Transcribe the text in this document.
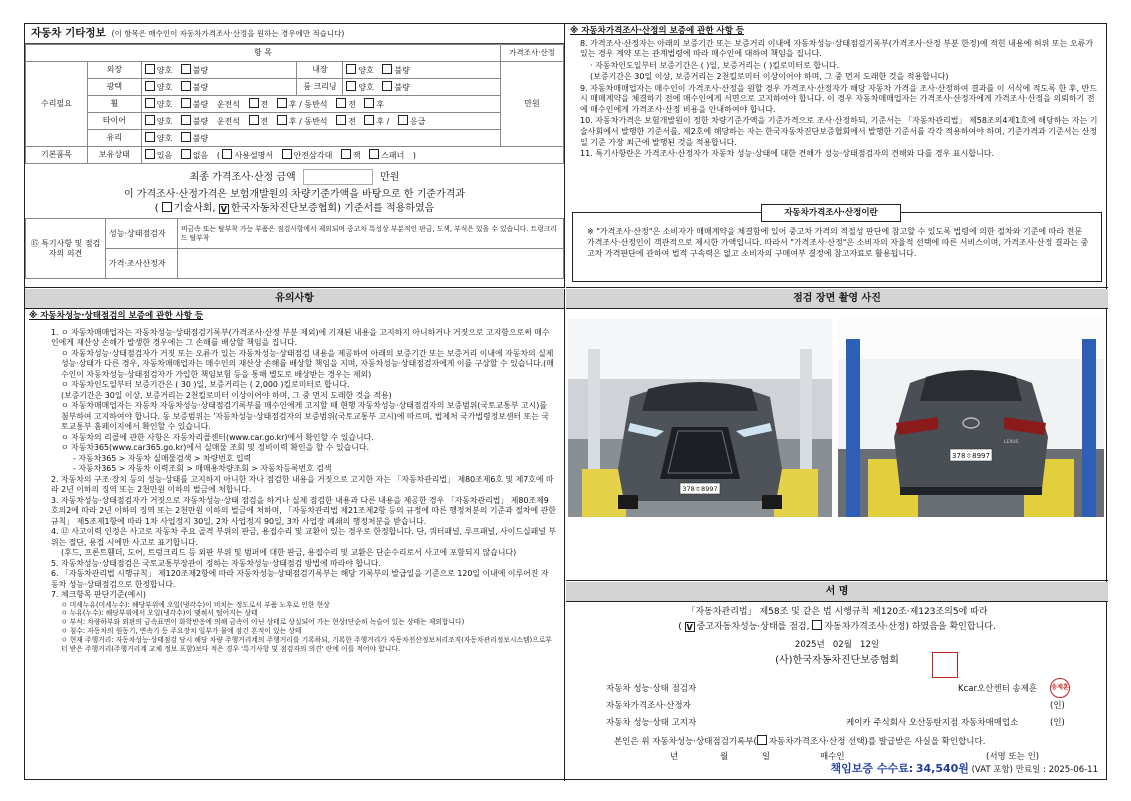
자동차 기타정보 (이 항목은 매수인이 자동차가격조사·산정을 원하는 경우에만 적습니다)
항 목					가격조사·산정
수리필요	외장	양호 불량	내장	양호 불량	만원
	광택	양호 불량	룸 크리닝	양호 불량	
	휠	양호 불량 운전석 전 후 / 동반석 전 후			
	타이어	양호 불량 운전석 전 후 / 동반석 전 후 / 응급			
	유리	양호 불량			
기본품목	보유상태	있음 없음 ( 사용설명서 안전삼각대 잭 스패너 )			
최종 가격조사·산정 금액	만원
이 가격조사·산정가격은 보험개발원의 차량기준가액을 바탕으로 한 기준가격과
( 기술사회, V 한국자동차진단보증협회) 기준서를 적용하였음
⑮ 특기사항 및 점검자의 의견	성능·상태점검자	비금속 또는 탈부착 가능 부품은 점검사항에서 제외되며 중고차 특성상 부분적인 판금, 도색, 부식은 있을 수 있습니다. 트렁크리드 탈부착
	가격·조사산정자	
※ 자동차가격조사·산정의 보증에 관한 사항 등

8. 가격조사·산정자는 아래의 보증기간 또는 보증거리 이내에 자동차성능·상태점검기록부(가격조사·산정 부분 한정)에 적힌 내용에 허위 또는 오류가 있는 경우 계약 또는 관계법령에 따라 매수인에 대하여 책임을 집니다.

· 자동차인도일부터 보증기간은 ( )일, 보증거리는 ( )킬로미터로 합니다.

(보증기간은 30일 이상, 보증거리는 2천킬로미터 이상이어야 하며, 그 중 먼저 도래한 것을 적용합니다)

9. 자동차매매업자는 매수인이 가격조사·산정을 원할 경우 가격조사·산정자가 해당 자동차 가격을 조사·산정하여 결과를 이 서식에 적도록 한 후, 반드시 매매계약을 체결하기 전에 매수인에게 서면으로 고지하여야 합니다. 이 경우 자동차매매업자는 가격조사·산정자에게 가격조사·산정을 의뢰하기 전에 매수인에게 가격조사·산정 비용을 안내하여야 합니다.

10. 자동차가격은 보험개발원이 정한 차량기준가액을 기준가격으로 조사·산정하되, 기준서는 「자동차관리법」 제58조의4제1호에 해당하는 자는 기술사회에서 발행한 기준서를, 제2호에 해당하는 자는 한국자동차진단보증협회에서 발행한 기준서를 각각 적용하여야 하며, 기준가격과 기준서는 산정일 기준 가장 최근에 발행된 것을 적용합니다.

11. 특기사항란은 가격조사·산정자가 자동차 성능·상태에 대한 견해가 성능·상태점검자의 견해와 다를 경우 표시합니다.

자동차가격조사·산정이란
※ "가격조사·산정"은 소비자가 매매계약을 체결함에 있어 중고차 가격의 적절성 판단에 참고할 수 있도록 법령에 의한 절차와 기준에 따라 전문 가격조사·산정인이 객관적으로 제시한 가액입니다. 따라서 "가격조사·산정"은 소비자의 자율적 선택에 따른 서비스이며, 가격조사·산정 결과는 중고차 가격판단에 관하여 법적 구속력은 없고 소비자의 구매여부 결정에 참고자료로 활용됩니다.
유의사항
※ 자동차성능·상태점검의 보증에 관한 사항 등

1. ㅇ 자동차매매업자는 자동차성능·상태점검기록부(가격조사·산정 부분 제외)에 기재된 내용을 고지하지 아니하거나 거짓으로 고지함으로써 매수인에게 재산상 손해가 발생한 경우에는 그 손해를 배상할 책임을 집니다.

ㅇ 자동차성능·상태점검자가 거짓 또는 오류가 있는 자동차성능·상태점검 내용을 제공하여 아래의 보증기간 또는 보증거리 이내에 자동차의 실제 성능·상태가 다른 경우, 자동차매매업자는 매수인의 재산상 손해를 배상할 책임을 지며, 자동차성능·상태점검자에게 이를 구상할 수 있습니다.(매수인이 자동차성능·상태점검자가 가입한 책임보험 등을 통해 별도로 배상받는 경우는 제외)

ㅇ 자동차인도일부터 보증기간은 ( 30 )일, 보증거리는 ( 2,000 )킬로미터로 합니다.

(보증기간은 30일 이상, 보증거리는 2천킬로미터 이상이어야 하며, 그 중 먼저 도래한 것을 적용)

ㅇ 자동차매매업자는 자동차 자동차성능·상태점검기록부를 매수인에게 고지할 때 현행 자동차성능·상태점검자의 보증범위(국토교통부 고시)를 첨부하여 고지하여야 합니다. 동 보증범위는 '자동차성능·상태점검자의 보증범위(국토교통부 고시)에 따르며, 법제처 국가법령정보센터 또는 국토교통부 홈페이지에서 확인할 수 있습니다.

ㅇ 자동차의 리콜에 관한 사항은 자동차리콜센터(www.car.go.kr)에서 확인할 수 있습니다.

ㅇ 자동차365(www.car365.go.kr)에서 실매물 조회 및 정비이력 확인을 할 수 있습니다.

- 자동차365 > 자동차 실매물검색 > 차량번호 입력

- 자동차365 > 자동차 이력조회 > 매매용차량조회 > 자동차등록번호 검색

2. 자동차의 구조·장치 등의 성능·상태를 고지하지 아니한 자나 점검한 내용을 거짓으로 고지한 자는 「자동차관리법」 제80조제6호 및 제7호에 따라 2년 이하의 징역 또는 2천만원 이하의 벌금에 처합니다.

3. 자동차성능·상태점검자가 거짓으로 자동차성능·상태 점검을 하거나 실제 점검한 내용과 다른 내용을 제공한 경우 「자동차관리법」 제80조제9호의2에 따라 2년 이하의 징역 또는 2천만원 이하의 벌금에 처하며, 「자동차관리법 제21조제2항 등의 규정에 따른 행정처분의 기준과 절차에 관한 규칙」 제5조제1항에 따라 1차 사업정지 30일, 2차 사업정지 90일, 3차 사업장 폐쇄의 행정처분을 받습니다.

4. ⑫ 사고이력 인정은 사고로 자동차 주요 골격 부위의 판금, 용접수리 및 교환이 있는 경우로 한정합니다. 단, 쿼터패널, 루프패널, 사이드실패널 부위는 절단, 용접 시에만 사고로 표기합니다.

(후드, 프론트휀더, 도어, 트렁크리드 등 외판 부위 및 범퍼에 대한 판금, 용접수리 및 교환은 단순수리로서 사고에 포함되지 않습니다)

5. 자동차성능·상태점검은 국토교통부장관이 정하는 자동차성능·상태점검 방법에 따라야 합니다.

6. 「자동차관리법 시행규칙」 제120조제2항에 따라 자동차성능·상태점검기록부는 해당 기록부의 발급일을 기준으로 120일 이내에 이루어진 자동차 성능·상태점검으로 한정합니다.

7. 체크항목 판단기준(예시)

ㅇ 미세누유(미세누수): 해당부위에 오일(냉각수)이 비치는 정도로서 부품 노후로 인한 현상

ㅇ 누유(누수): 해당부위에서 오일(냉각수)이 맺혀서 떨어지는 상태

ㅇ 부식: 차량하부와 외판의 금속표면이 화학반응에 의해 금속이 아닌 상태로 상실되어 가는 현상(단순히 녹슬어 있는 상태는 제외합니다)

ㅇ 침수: 자동차의 원동기, 변속기 등 주요장치 일부가 물에 잠긴 흔적이 있는 상태

ㅇ 현재 주행거리: 자동차성능·상태점검 당시 해당 차량 주행거리계의 주행거리를 기록하되, 기록한 주행거리가 자동차전산정보처리조직(자동차관리정보시스템)으로부터 받은 주행거리(주행거리계 교체 정보 포함)보다 적은 경우 '특기사항 및 점검자의 의견' 란에 이를 적어야 합니다.

점검 장면 촬영 사진
378ㅎ8997
378ㅎ8997
LEXUS
서 명
「자동차관리법」 제58조 및 같은 법 시행규칙 제120조·제123조의5에 따라
( V 중고자동차성능·상태를 점검, 자동차가격조사·산정) 하였음을 확인합니다.
2025년 02월 12일
(사)한국자동차진단보증협회
자동차 성능·상태 점검자	Kcar오산센터 송제훈 송제훈
자동차가격조사·산정자	(인)
자동차 성능·상태 고지자	케이카 주식회사 오산동탄지점 자동차매매업소	(인)
본인은 위 자동차성능·상태점검기록부( 자동차가격조사·산정 선택)를 발급받은 사실을 확인합니다.
년	월	일	매수인	(서명 또는 인)
책임보증 수수료: 34,540원 (VAT 포함) 만료일 : 2025-06-11
